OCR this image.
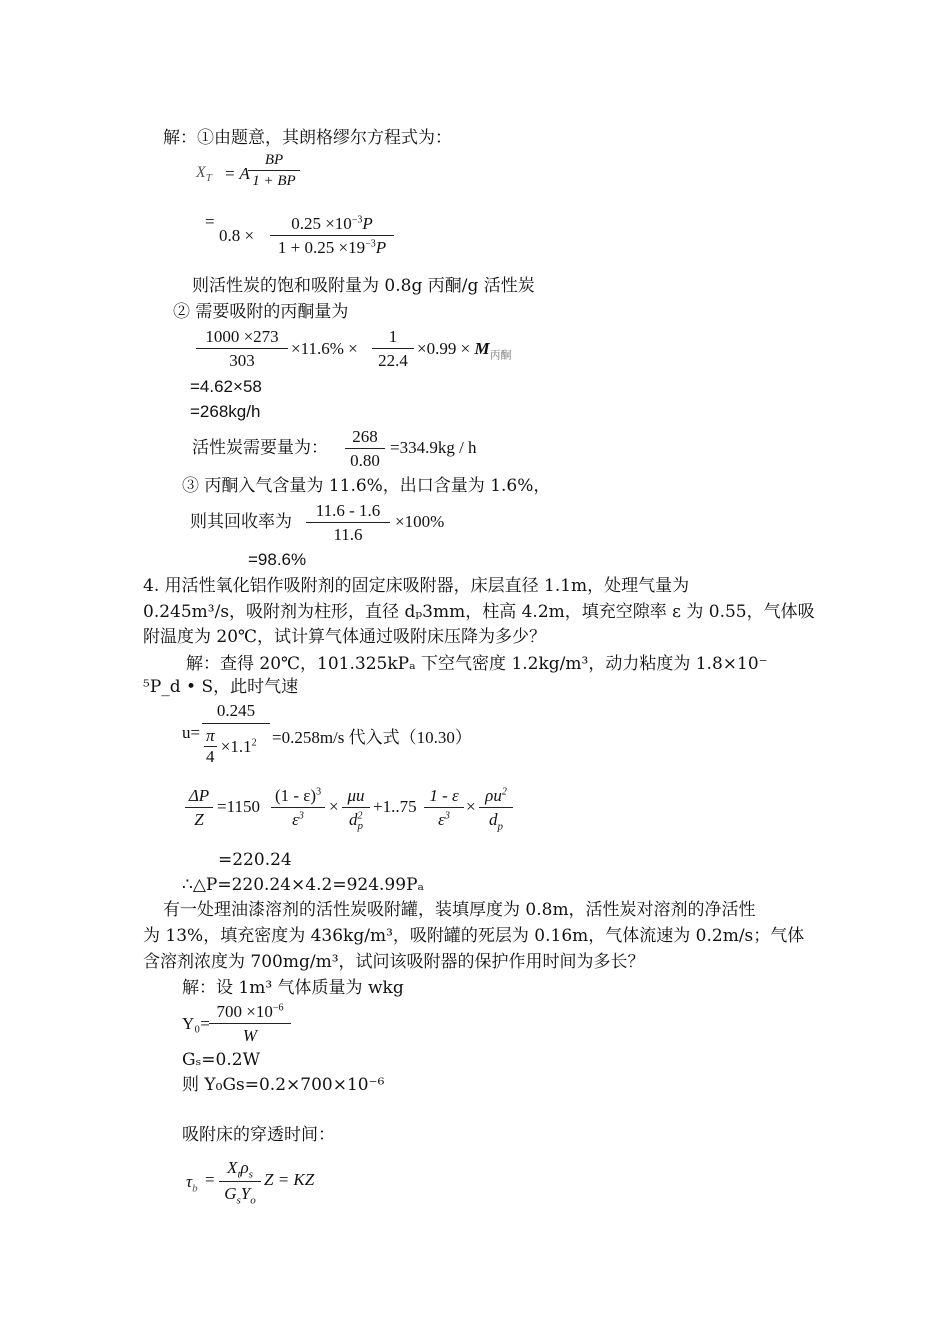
解：①由题意，其朗格缪尔方程式为：
$X_T = A$
$\frac{BP}{1 + BP}$
=
$0.8 \times \frac{0.25 \times 10^{-3}P}{1 + 0.25 \times 19^{-3}P}$
则活性炭的饱和吸附量为 0.8g 丙酮/g 活性炭
② 需要吸附的丙酮量为
$\frac{1000 \times 273}{303} \times 11.6\% \times \frac{1}{22.4} \times 0.99 \times M_{丙酮}$
=4.62×58
=268kg/h
活性炭需要量为： $\frac{268}{0.80} =334.9kg / h$
③ 丙酮入气含量为 11.6%，出口含量为 1.6%，
则其回收率为 $\frac{11.6 - 1.6}{11.6} \times 100\%$
=98.6%
4. 用活性氧化铝作吸附剂的固定床吸附器，床层直径 1.1m，处理气量为
0.245m³/s，吸附剂为柱形，直径 dₚ3mm，柱高 4.2m，填充空隙率 ε 为 0.55，气体吸
附温度为 20℃，试计算气体通过吸附床压降为多少？
解：查得 20℃，101.325kPₐ 下空气密度 1.2kg/m³，动力粘度为 1.8×10⁻
⁵P_d • S，此时气速
u=
0.245
$\frac{\pi}{4} \times 1.1^2 =0.258m/s$ 代入式（10.30）
$\frac{\Delta P}{Z} =1150 \frac{(1 - \varepsilon)^3}{\varepsilon^3} \times \frac{\mu u}{d^2_p} +1..75 \frac{1 - \varepsilon}{\varepsilon^3} \times \frac{\rho u^2}{d_p}$
=220.24
∴△P=220.24×4.2=924.99Pₐ
有一处理油漆溶剂的活性炭吸附罐，装填厚度为 0.8m，活性炭对溶剂的净活性
为 13%，填充密度为 436kg/m³，吸附罐的死层为 0.16m，气体流速为 0.2m/s；气体
含溶剂浓度为 700mg/m³，试问该吸附器的保护作用时间为多长？
解：设 1m³ 气体质量为 wkg
$Y_0= \frac{700 \times 10^{-6}}{W}$
Gₛ=0.2W
则 Y₀Gs=0.2×700×10⁻⁶
吸附床的穿透时间：
$\tau_b$ =
$X_t\rho_s$
$G_sY_o$
Z = KZ
